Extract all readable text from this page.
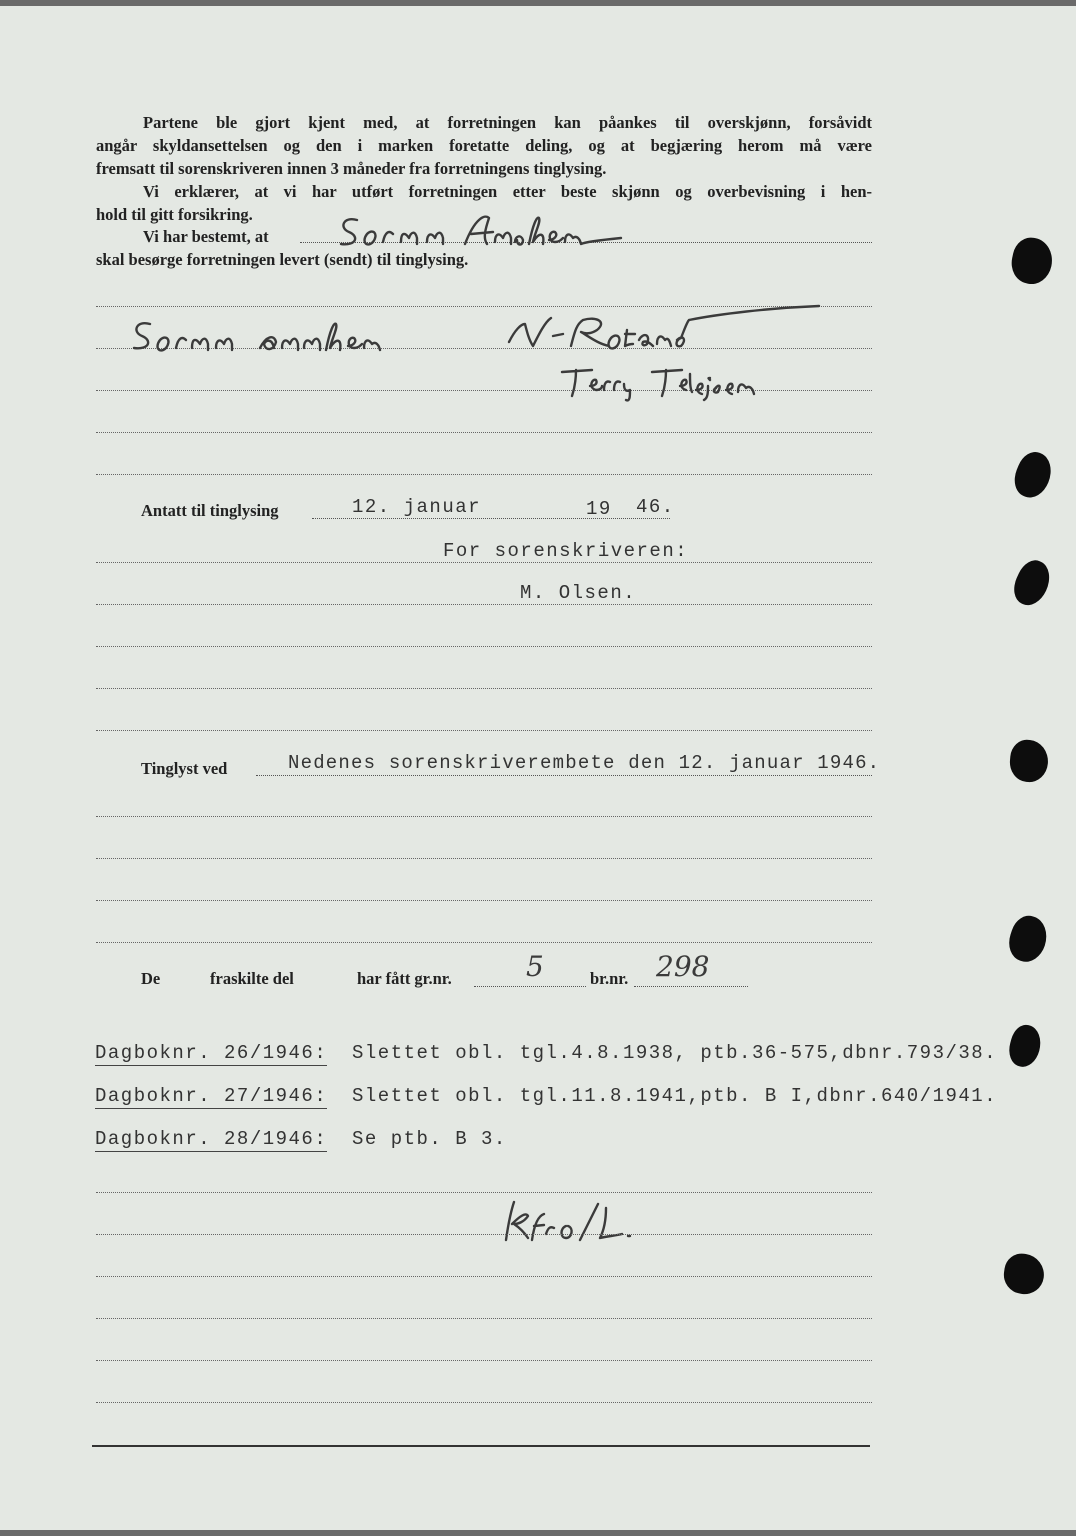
Partene ble gjort kjent med, at forretningen kan påankes til overskjønn, forsåvidt
angår skyldansettelsen og den i marken foretatte deling, og at begjæring herom må være
fremsatt til sorenskriveren innen 3 måneder fra forretningens tinglysing.
Vi erklærer, at vi har utført forretningen etter beste skjønn og overbevisning i hen-
hold til gitt forsikring.
Vi har bestemt, at
skal besørge forretningen levert (sendt) til tinglysing.
Antatt til tinglysing	12. januar	19 46.
For sorenskriveren:
M. Olsen.
Tinglyst ved	Nedenes sorenskriverembete den 12. januar 1946.
De	fraskilte del	har fått gr.nr.	5	br.nr. 298
Dagboknr. 26/1946: Slettet obl. tgl.4.8.1938, ptb.36-575,dbnr.793/38.
Dagboknr. 27/1946: Slettet obl. tgl.11.8.1941,ptb. B I,dbnr.640/1941.
Dagboknr. 28/1946: Se ptb. B 3.
